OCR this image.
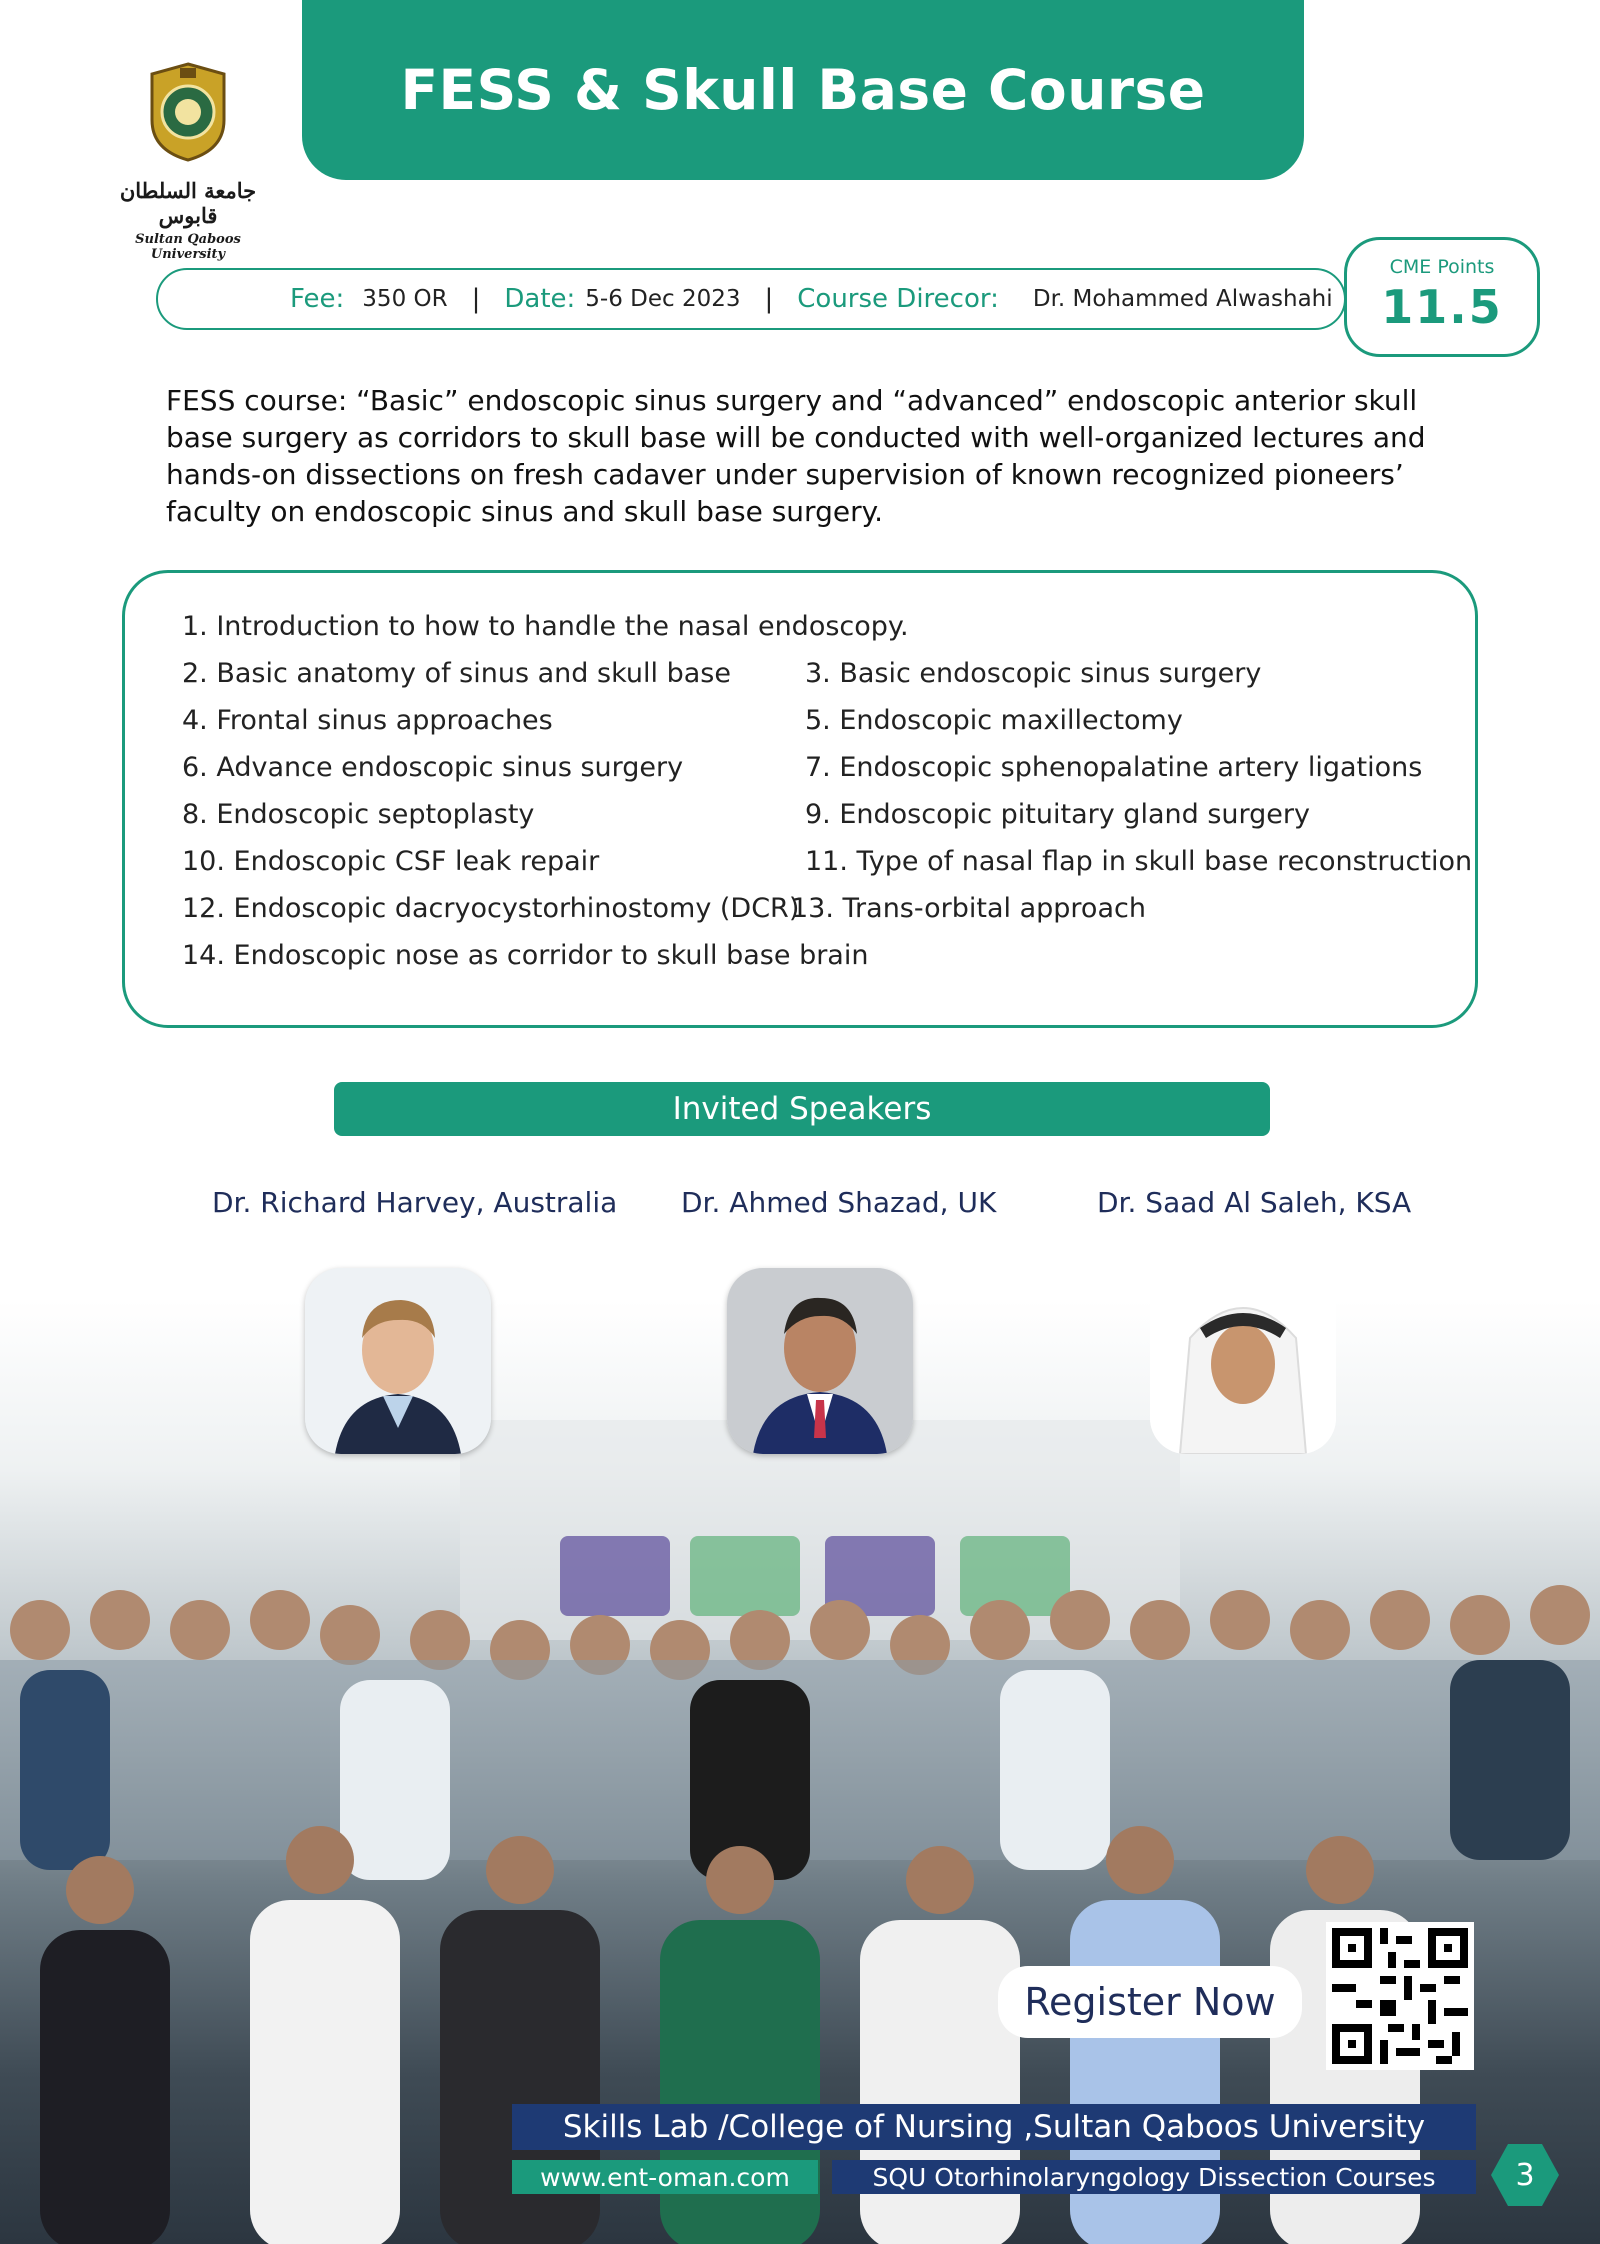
FESS & Skull Base Course
جامعة السلطان قابوس
Sultan Qaboos University
Fee: 350 OR | Date: 5-6 Dec 2023 | Course Direcor: Dr. Mohammed Alwashahi
CME Points
11.5

FESS course: “Basic” endoscopic sinus surgery and “advanced” endoscopic anterior skull base surgery as corridors to skull base will be conducted with well-organized lectures and hands-on dissections on fresh cadaver under supervision of known recognized pioneers’ faculty on endoscopic sinus and skull base surgery.

1. Introduction to how to handle the nasal endoscopy.
2. Basic anatomy of sinus and skull base	3. Basic endoscopic sinus surgery
4. Frontal sinus approaches	5. Endoscopic maxillectomy
6. Advance endoscopic sinus surgery	7. Endoscopic sphenopalatine artery ligations
8. Endoscopic septoplasty	9. Endoscopic pituitary gland surgery
10. Endoscopic CSF leak repair	11. Type of nasal flap in skull base reconstruction
12. Endoscopic dacryocystorhinostomy (DCR)
13. Trans-orbital approach
14. Endoscopic nose as corridor to skull base brain
Invited Speakers
Dr. Richard Harvey, Australia Dr. Ahmed Shazad, UK	Dr. Saad Al Saleh, KSA
Register Now
Skills Lab /College of Nursing ,Sultan Qaboos University
www.ent-oman.com	SQU Otorhinolaryngology Dissection Courses	3
